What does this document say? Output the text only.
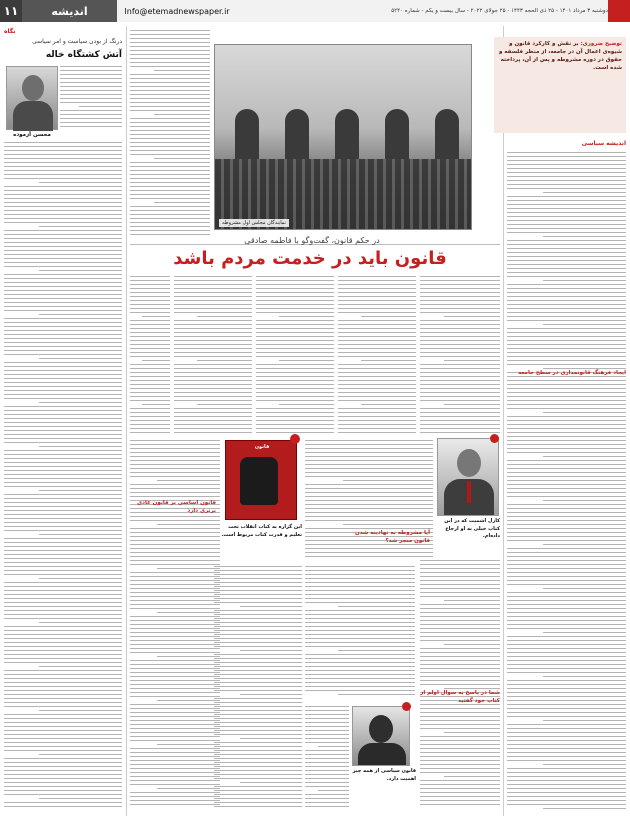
۱۱	اندیشه	Info@etemadnewspaper.ir	دوشنبه ۳ مرداد ۱۴۰۱ - ۲۵ ذی الحجه ۱۴۴۳ - ۲۵ جولای ۲۰۲۲ - سال بیست و یکم - شماره ۵۲۴۰
نگاه
درنگ از بودن سیاست و امر سیاسی
آتش کشتگاه خاله
محسن آزموده
توضیح ضروری: بر نقش و کارکرد قانون و شیوه‌ی اعمال آن در جامعه، از منظر فلسفه و حقوق در دوره مشروطه و پس از آن، پرداخته شده است.
اندیشه سیاسی
ایجاد فرهنگ قانونمداری در سطح جامعه
نمایندگان مجلس اول مشروطه
در حکم قانون، گفت‌وگو با فاطمه صادقی
قانون باید در خدمت مردم باشد
آیا مشروطه به نهادینه شدن قانون منجر شد؟
قانون اساسی بر قانون عادی برتری دارد
شما در پاسخ به سوال اولم از کتاب خود گفتید
قانون
این گزاره به کتاب انقلاب تحت تعلیم و قدرت کتاب مربوط است.
کارل اشمیت که در این کتاب خیلی به او ارجاع داده‌ام.
قانون سیاسی از همه چیز اهمیت دارد.
